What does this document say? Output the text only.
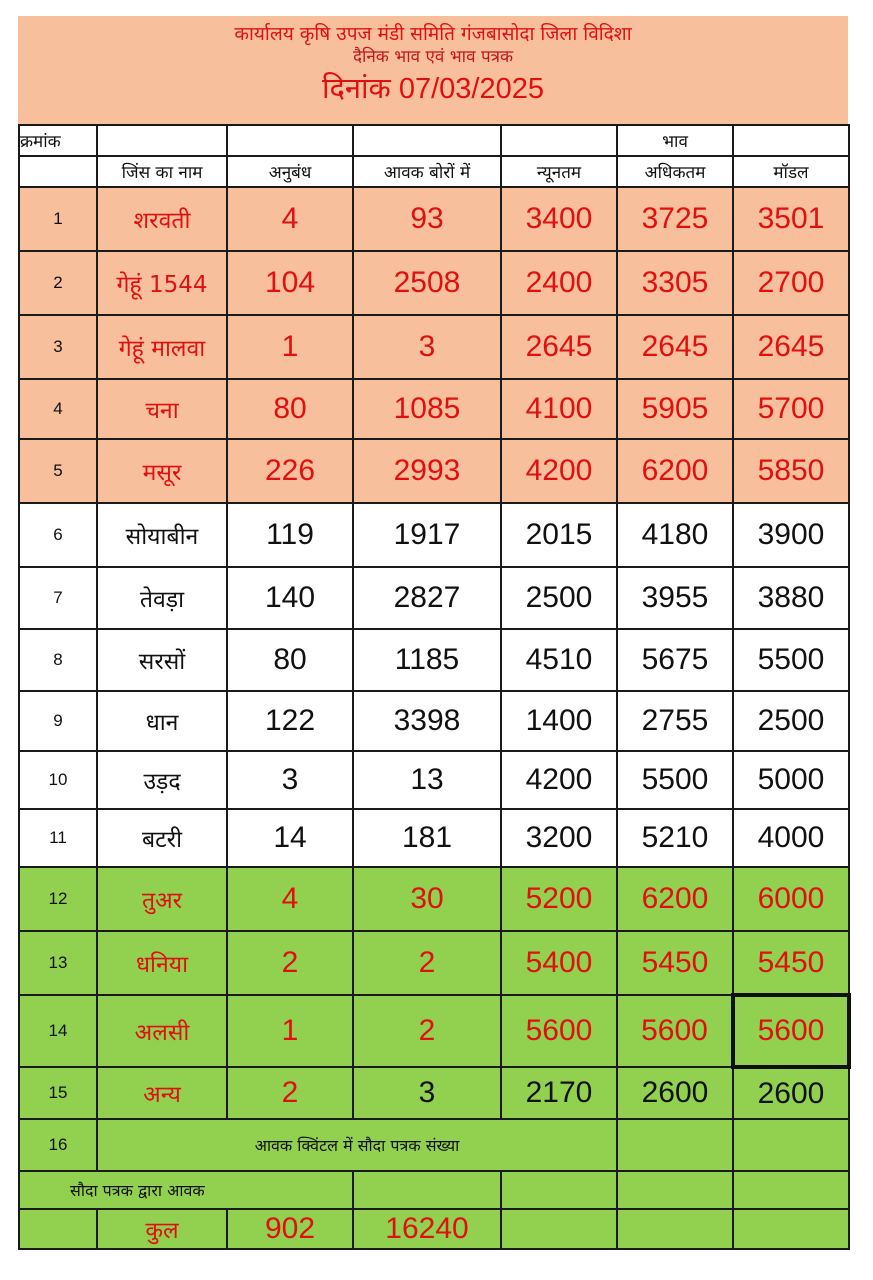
कार्यालय कृषि उपज मंडी समिति गंजबासोदा जिला विदिशा
दैनिक भाव एवं भाव पत्रक
दिनांक 07/03/2025
क्रमांक					भाव	
	जिंस का नाम	अनुबंध	आवक बोरों में	न्यूनतम	अधिकतम	मॉडल
1	शरवती	4	93	3400	3725	3501
2	गेहूं 1544	104	2508	2400	3305	2700
3	गेहूं मालवा	1	3	2645	2645	2645
4	चना	80	1085	4100	5905	5700
5	मसूर	226	2993	4200	6200	5850
6	सोयाबीन	119	1917	2015	4180	3900
7	तेवड़ा	140	2827	2500	3955	3880
8	सरसों	80	1185	4510	5675	5500
9	धान	122	3398	1400	2755	2500
10	उड़द	3	13	4200	5500	5000
11	बटरी	14	181	3200	5210	4000
12	तुअर	4	30	5200	6200	6000
13	धनिया	2	2	5400	5450	5450
14	अलसी	1	2	5600	5600	5600
15	अन्य	2	3	2170	2600	2600
16	आवक क्विंटल में सौदा पत्रक संख्या					
सौदा पत्रक द्वारा आवक						
	कुल	902	16240			
